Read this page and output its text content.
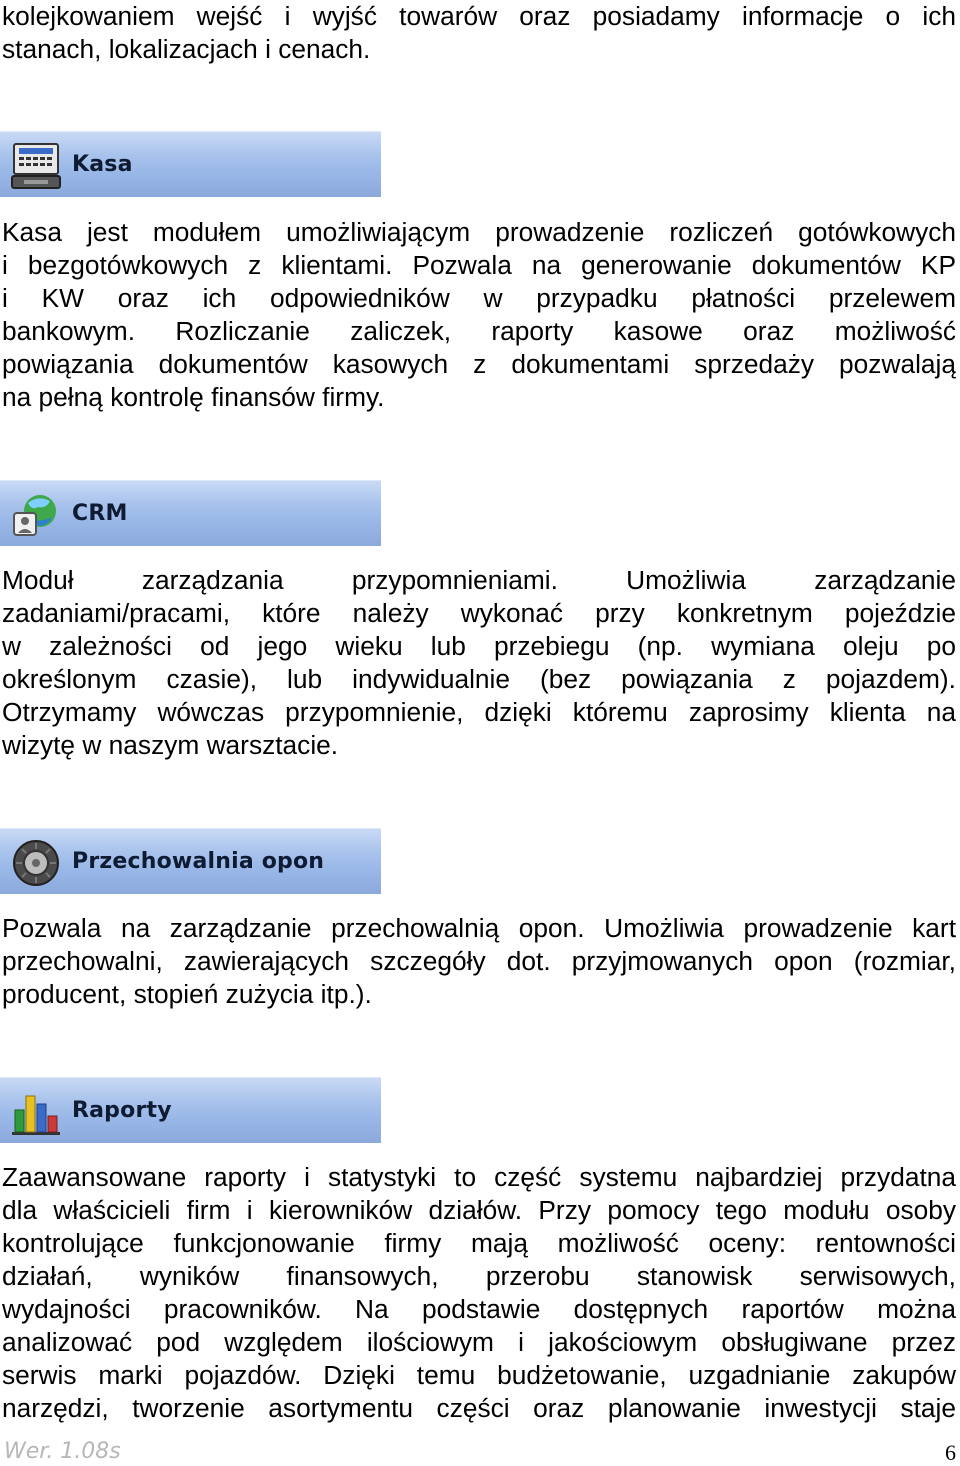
kolejkowaniem wejść i wyjść towarów oraz posiadamy informacje o ich
stanach, lokalizacjach i cenach.
Kasa
Kasa jest modułem umożliwiającym prowadzenie rozliczeń gotówkowych
i bezgotówkowych z klientami. Pozwala na generowanie dokumentów KP
i KW oraz ich odpowiedników w przypadku płatności przelewem
bankowym. Rozliczanie zaliczek, raporty kasowe oraz możliwość
powiązania dokumentów kasowych z dokumentami sprzedaży pozwalają
na pełną kontrolę finansów firmy.
CRM
Moduł zarządzania przypomnieniami. Umożliwia zarządzanie
zadaniami/pracami, które należy wykonać przy konkretnym pojeździe
w zależności od jego wieku lub przebiegu (np. wymiana oleju po
określonym czasie), lub indywidualnie (bez powiązania z pojazdem).
Otrzymamy wówczas przypomnienie, dzięki któremu zaprosimy klienta na
wizytę w naszym warsztacie.
Przechowalnia opon
Pozwala na zarządzanie przechowalnią opon. Umożliwia prowadzenie kart
przechowalni, zawierających szczegóły dot. przyjmowanych opon (rozmiar,
producent, stopień zużycia itp.).
Raporty
Zaawansowane raporty i statystyki to część systemu najbardziej przydatna
dla właścicieli firm i kierowników działów. Przy pomocy tego modułu osoby
kontrolujące funkcjonowanie firmy mają możliwość oceny: rentowności
działań, wyników finansowych, przerobu stanowisk serwisowych,
wydajności pracowników. Na podstawie dostępnych raportów można
analizować pod względem ilościowym i jakościowym obsługiwane przez
serwis marki pojazdów. Dzięki temu budżetowanie, uzgadnianie zakupów
narzędzi, tworzenie asortymentu części oraz planowanie inwestycji staje
Wer. 1.08s	6
